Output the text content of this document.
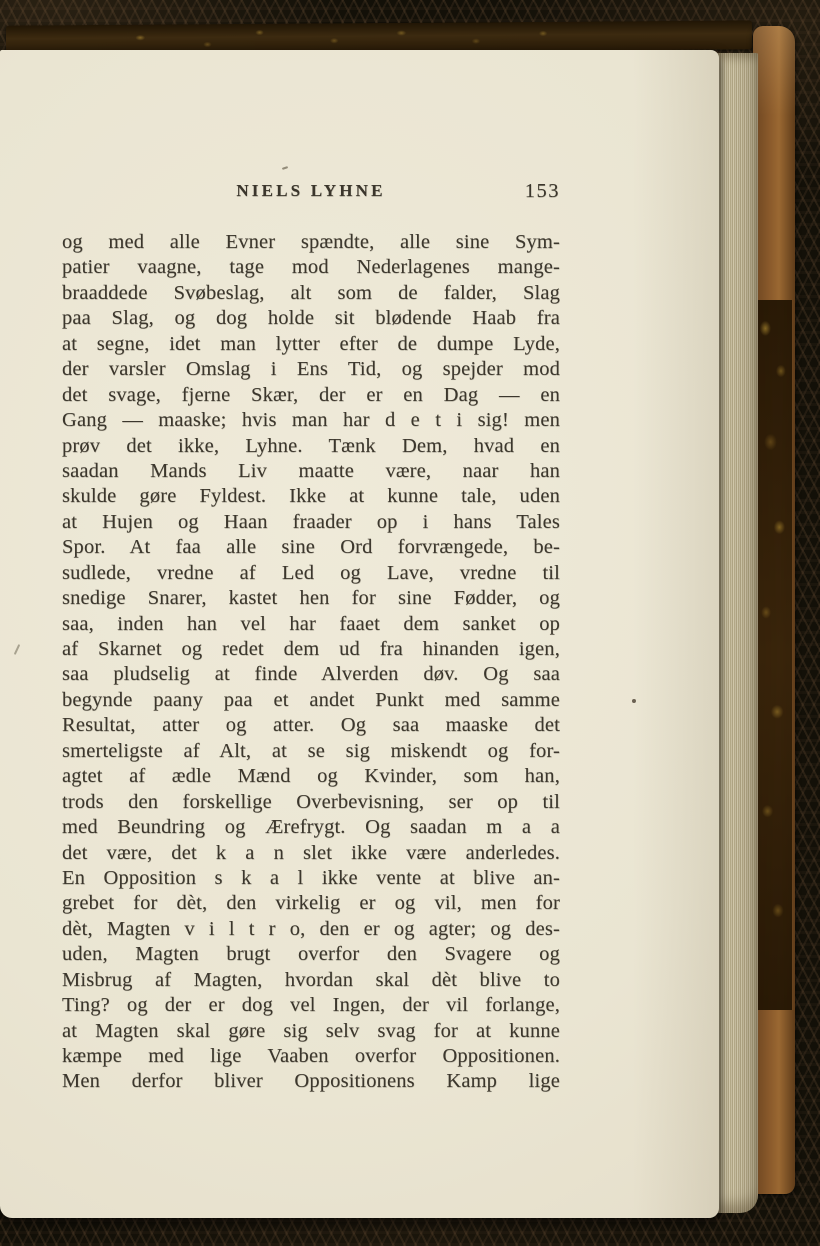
NIELS LYHNE	153
og med alle Evner spændte, alle sine Sym-
patier vaagne, tage mod Nederlagenes mange-
braaddede Svøbeslag, alt som de falder, Slag
paa Slag, og dog holde sit blødende Haab fra
at segne, idet man lytter efter de dumpe Lyde,
der varsler Omslag i Ens Tid, og spejder mod
det svage, fjerne Skær, der er en Dag — en
Gang — maaske; hvis man har d e t i sig! men
prøv det ikke, Lyhne. Tænk Dem, hvad en
saadan Mands Liv maatte være, naar han
skulde gøre Fyldest. Ikke at kunne tale, uden
at Hujen og Haan fraader op i hans Tales
Spor. At faa alle sine Ord forvrængede, be-
sudlede, vredne af Led og Lave, vredne til
snedige Snarer, kastet hen for sine Fødder, og
saa, inden han vel har faaet dem sanket op
af Skarnet og redet dem ud fra hinanden igen,
saa pludselig at finde Alverden døv. Og saa
begynde paany paa et andet Punkt med samme
Resultat, atter og atter. Og saa maaske det
smerteligste af Alt, at se sig miskendt og for-
agtet af ædle Mænd og Kvinder, som han,
trods den forskellige Overbevisning, ser op til
med Beundring og Ærefrygt. Og saadan m a a
det være, det k a n slet ikke være anderledes.
En Opposition s k a l ikke vente at blive an-
grebet for dèt, den virkelig er og vil, men for
dèt, Magten v i l t r o, den er og agter; og des-
uden, Magten brugt overfor den Svagere og
Misbrug af Magten, hvordan skal dèt blive to
Ting? og der er dog vel Ingen, der vil forlange,
at Magten skal gøre sig selv svag for at kunne
kæmpe med lige Vaaben overfor Oppositionen.
Men derfor bliver Oppositionens Kamp lige
